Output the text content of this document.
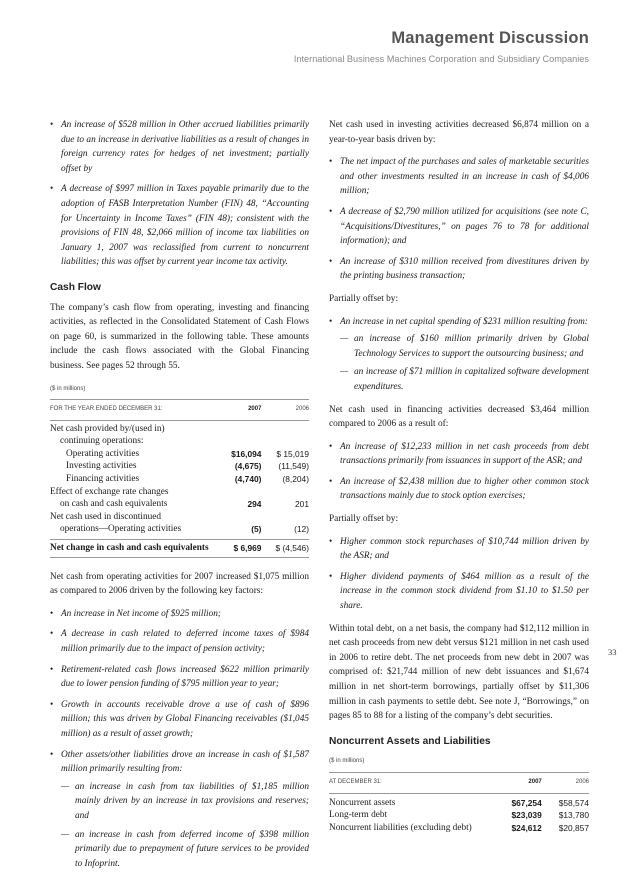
Management Discussion
International Business Machines Corporation and Subsidiary Companies
• An increase of $528 million in Other accrued liabilities primarily due to an increase in derivative liabilities as a result of changes in foreign currency rates for hedges of net investment; partially offset by
• A decrease of $997 million in Taxes payable primarily due to the adoption of FASB Interpretation Number (FIN) 48, “Accounting for Uncertainty in Income Taxes” (FIN 48); consistent with the provisions of FIN 48, $2,066 million of income tax liabilities on January 1, 2007 was reclassified from current to noncurrent liabilities; this was offset by current year income tax activity.
Cash Flow

The company’s cash flow from operating, investing and financing activities, as reflected in the Consolidated Statement of Cash Flows on page 60, is summarized in the following table. These amounts include the cash flows associated with the Global Financing business. See pages 52 through 55.

($ in millions)
FOR THE YEAR ENDED DECEMBER 31:	2007		2006
Net cash provided by/(used in)			
continuing operations:			
Operating activities	$16,094		$ 15,019
Investing activities	(4,675)		(11,549)
Financing activities	(4,740)		(8,204)
Effect of exchange rate changes			
on cash and cash equivalents	294		201
Net cash used in discontinued			
operations—Operating activities	(5)		(12)
Net change in cash and cash equivalents	$ 6,969		$ (4,546)

Net cash from operating activities for 2007 increased $1,075 million as compared to 2006 driven by the following key factors:

• An increase in Net income of $925 million;
• A decrease in cash related to deferred income taxes of $984 million primarily due to the impact of pension activity;
• Retirement-related cash flows increased $622 million primarily due to lower pension funding of $795 million year to year;
• Growth in accounts receivable drove a use of cash of $896 million; this was driven by Global Financing receivables ($1,045 million) as a result of asset growth;
• Other assets/other liabilities drove an increase in cash of $1,587 million primarily resulting from:
— an increase in cash from tax liabilities of $1,185 million mainly driven by an increase in tax provisions and reserves; and
— an increase in cash from deferred income of $398 million primarily due to prepayment of future services to be provided to Infoprint.

Net cash used in investing activities decreased $6,874 million on a year-to-year basis driven by:

• The net impact of the purchases and sales of marketable securities and other investments resulted in an increase in cash of $4,006 million;
• A decrease of $2,790 million utilized for acquisitions (see note C, “Acquisitions/Divestitures,” on pages 76 to 78 for additional information); and
• An increase of $310 million received from divestitures driven by the printing business transaction;

Partially offset by:

• An increase in net capital spending of $231 million resulting from:
— an increase of $160 million primarily driven by Global Technology Services to support the outsourcing business; and
— an increase of $71 million in capitalized software development expenditures.

Net cash used in financing activities decreased $3,464 million compared to 2006 as a result of:

• An increase of $12,233 million in net cash proceeds from debt transactions primarily from issuances in support of the ASR; and
• An increase of $2,438 million due to higher other common stock transactions mainly due to stock option exercises;

Partially offset by:

• Higher common stock repurchases of $10,744 million driven by the ASR; and
• Higher dividend payments of $464 million as a result of the increase in the common stock dividend from $1.10 to $1.50 per share.

Within total debt, on a net basis, the company had $12,112 million in net cash proceeds from new debt versus $121 million in net cash used in 2006 to retire debt. The net proceeds from new debt in 2007 was comprised of: $21,744 million of new debt issuances and $1,674 million in net short-term borrowings, partially offset by $11,306 million in cash payments to settle debt. See note J, “Borrowings,” on pages 85 to 88 for a listing of the company’s debt securities.

Noncurrent Assets and Liabilities
($ in millions)
AT DECEMBER 31:	2007		2006
Noncurrent assets	$67,254		$58,574
Long-term debt	$23,039		$13,780
Noncurrent liabilities (excluding debt)	$24,612		$20,857
33
